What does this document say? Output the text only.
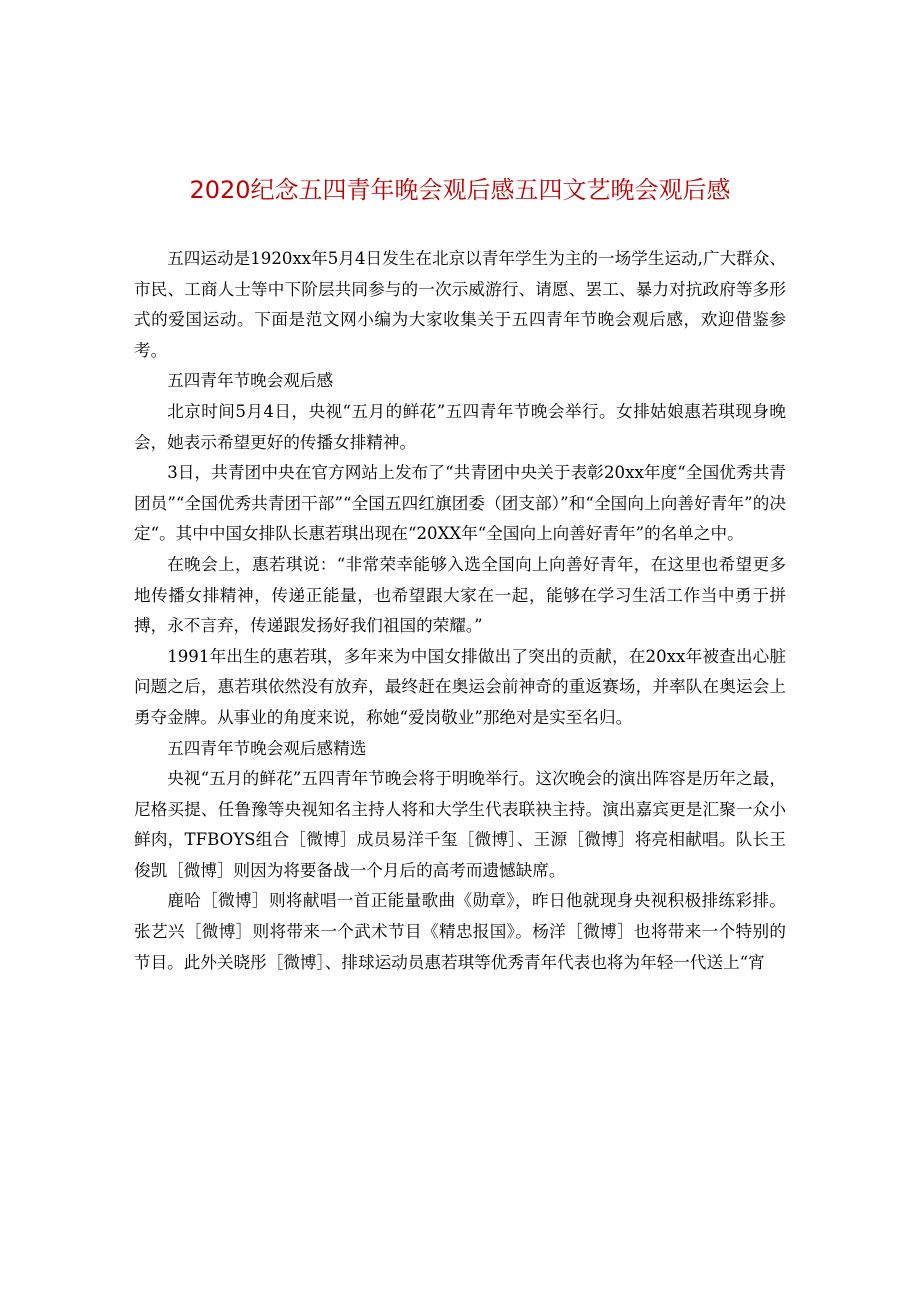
2020纪念五四青年晚会观后感五四文艺晚会观后感

五四运动是1920xx年5月4日发生在北京以青年学生为主的一场学生运动,广大群众、市民、工商人士等中下阶层共同参与的一次示威游行、请愿、罢工、暴力对抗政府等多形式的爱国运动。下面是范文网小编为大家收集关于五四青年节晚会观后感，欢迎借鉴参考。

五四青年节晚会观后感

北京时间5月4日，央视“五月的鲜花”五四青年节晚会举行。女排姑娘惠若琪现身晚会，她表示希望更好的传播女排精神。

3日，共青团中央在官方网站上发布了“共青团中央关于表彰20xx年度“全国优秀共青团员”“全国优秀共青团干部”“全国五四红旗团委（团支部）”和“全国向上向善好青年”的决定“。其中中国女排队长惠若琪出现在“20XX年“全国向上向善好青年”的名单之中。

在晚会上，惠若琪说：“非常荣幸能够入选全国向上向善好青年，在这里也希望更多地传播女排精神，传递正能量，也希望跟大家在一起，能够在学习生活工作当中勇于拼搏，永不言弃，传递跟发扬好我们祖国的荣耀。”

1991年出生的惠若琪，多年来为中国女排做出了突出的贡献，在20xx年被查出心脏问题之后，惠若琪依然没有放弃，最终赶在奥运会前神奇的重返赛场，并率队在奥运会上勇夺金牌。从事业的角度来说，称她“爱岗敬业”那绝对是实至名归。

五四青年节晚会观后感精选

央视“五月的鲜花”五四青年节晚会将于明晚举行。这次晚会的演出阵容是历年之最，尼格买提、任鲁豫等央视知名主持人将和大学生代表联袂主持。演出嘉宾更是汇聚一众小鲜肉，TFBOYS组合［微博］成员易洋千玺［微博］、王源［微博］将亮相献唱。队长王俊凯［微博］则因为将要备战一个月后的高考而遗憾缺席。

鹿哈［微博］则将献唱一首正能量歌曲《勋章》，昨日他就现身央视积极排练彩排。张艺兴［微博］则将带来一个武术节目《精忠报国》。杨洋［微博］也将带来一个特别的节目。此外关晓彤［微博］、排球运动员惠若琪等优秀青年代表也将为年轻一代送上“宵
